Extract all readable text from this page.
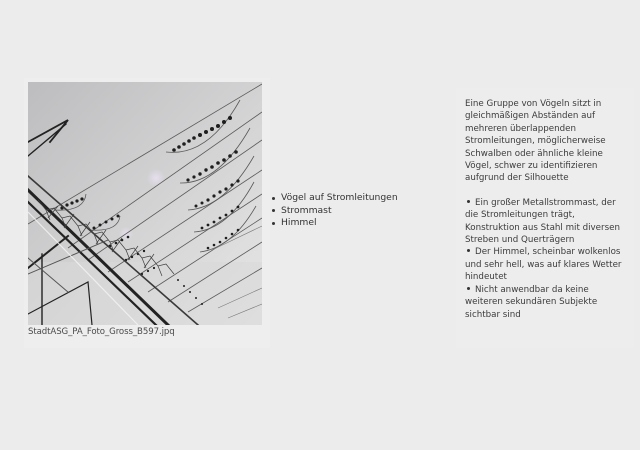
StadtASG_PA_Foto_Gross_B597.jpq
Vögel auf Stromleitungen
Strommast
Himmel

Eine Gruppe von Vögeln sitzt in gleichmäßigen Abständen auf mehreren überlappenden Stromleitungen, möglicherweise Schwalben oder ähnliche kleine Vögel, schwer zu identifizieren aufgrund der Silhouette

Ein großer Metallstrommast, der die Stromleitungen trägt, Konstruktion aus Stahl mit diversen Streben und Querträgern
Der Himmel, scheinbar wolkenlos und sehr hell, was auf klares Wetter hindeutet
Nicht anwendbar da keine weiteren sekundären Subjekte sichtbar sind
